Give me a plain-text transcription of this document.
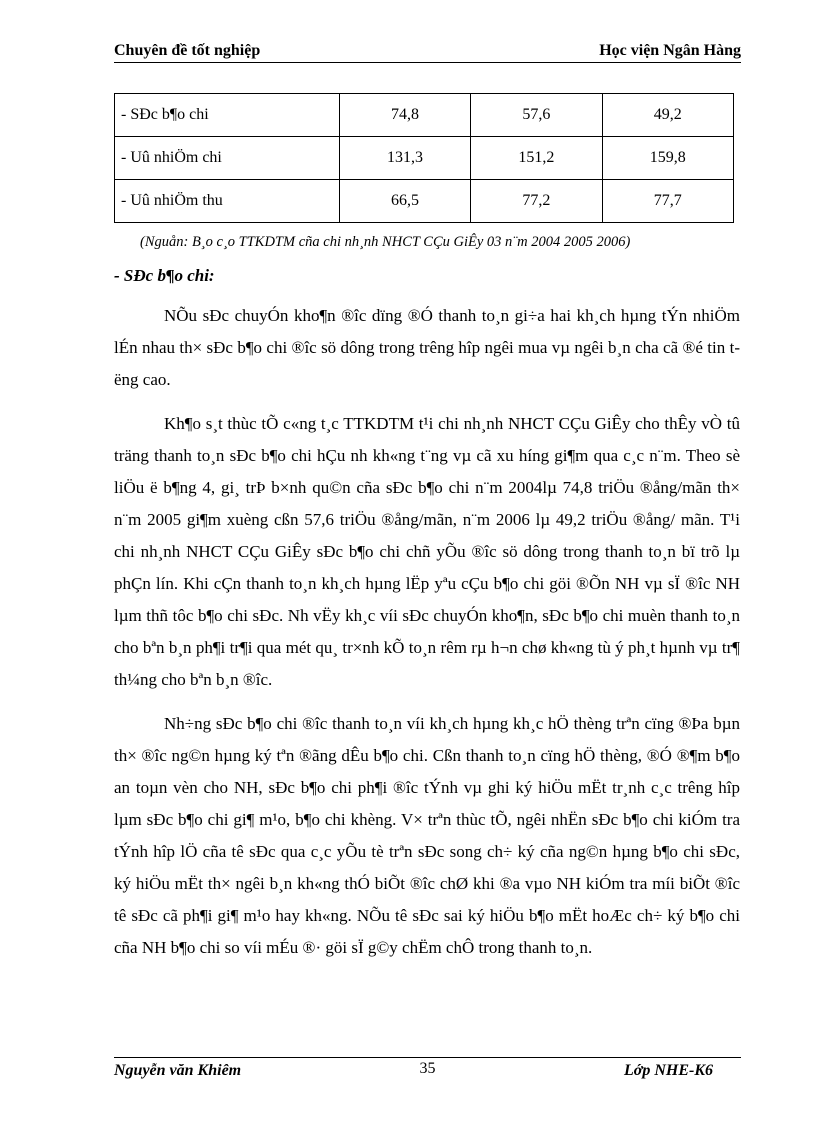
Chuyên đề tốt nghiệp	Học viện Ngân Hàng
- SÐc b¶o chi	74,8	57,6	49,2
- Uû nhiÖm chi	131,3	151,2	159,8
- Uû nhiÖm thu	66,5	77,2	77,7
(Nguån: B¸o c¸o TTKDTM cña chi nh¸nh NHCT CÇu GiÊy 03 n¨m 2004 2005 2006)
- SÐc b¶o chi:

NÕu sÐc chuyÓn kho¶n ®îc dïng ®Ó thanh to¸n gi÷a hai kh¸ch hµng tÝn nhiÖm lÉn nhau th× sÐc b¶o chi ®îc sö dông trong trêng hîp ngêi mua vµ ngêi b¸n cha cã ®é tin tëng cao.

Kh¶o s¸t thùc tÕ c«ng t¸c TTKDTM t¹i chi nh¸nh NHCT CÇu GiÊy cho thÊy vÒ tû träng thanh to¸n sÐc b¶o chi hÇu nh kh«ng t¨ng vµ cã xu híng gi¶m qua c¸c n¨m. Theo sè liÖu ë b¶ng 4, gi¸ trÞ b×nh qu©n cña sÐc b¶o chi n¨m 2004lµ 74,8 triÖu ®ång/mãn th× n¨m 2005 gi¶m xuèng cßn 57,6 triÖu ®ång/mãn, n¨m 2006 lµ 49,2 triÖu ®ång/ mãn. T¹i chi nh¸nh NHCT CÇu GiÊy sÐc b¶o chi chñ yÕu ®îc sö dông trong thanh to¸n bï trõ lµ phÇn lín. Khi cÇn thanh to¸n kh¸ch hµng lËp yªu cÇu b¶o chi göi ®Õn NH vµ sÏ ®îc NH lµm thñ tôc b¶o chi sÐc. Nh vËy kh¸c víi sÐc chuyÓn kho¶n, sÐc b¶o chi muèn thanh to¸n cho bªn b¸n ph¶i tr¶i qua mét qu¸ tr×nh kÕ to¸n rêm rµ h¬n chø kh«ng tù ý ph¸t hµnh vµ tr¶ th¼ng cho bªn b¸n ®îc.

Nh÷ng sÐc b¶o chi ®îc thanh to¸n víi kh¸ch hµng kh¸c hÖ thèng trªn cïng ®Þa bµn th× ®îc ng©n hµng ký tªn ®ãng dÊu b¶o chi. Cßn thanh to¸n cïng hÖ thèng, ®Ó ®¶m b¶o an toµn vèn cho NH, sÐc b¶o chi ph¶i ®îc tÝnh vµ ghi ký hiÖu mËt tr¸nh c¸c trêng hîp lµm sÐc b¶o chi gi¶ m¹o, b¶o chi khèng. V× trªn thùc tÕ, ngêi nhËn sÐc b¶o chi kiÓm tra tÝnh hîp lÖ cña tê sÐc qua c¸c yÕu tè trªn sÐc song ch÷ ký cña ng©n hµng b¶o chi sÐc, ký hiÖu mËt th× ngêi b¸n kh«ng thÓ biÕt ®îc chØ khi ®a vµo NH kiÓm tra míi biÕt ®îc tê sÐc cã ph¶i gi¶ m¹o hay kh«ng. NÕu tê sÐc sai ký hiÖu b¶o mËt hoÆc ch÷ ký b¶o chi cña NH b¶o chi so víi mÉu ®· göi sÏ g©y chËm chÔ trong thanh to¸n.

Nguyễn văn Khiêm	35	Lớp NHE-K6
